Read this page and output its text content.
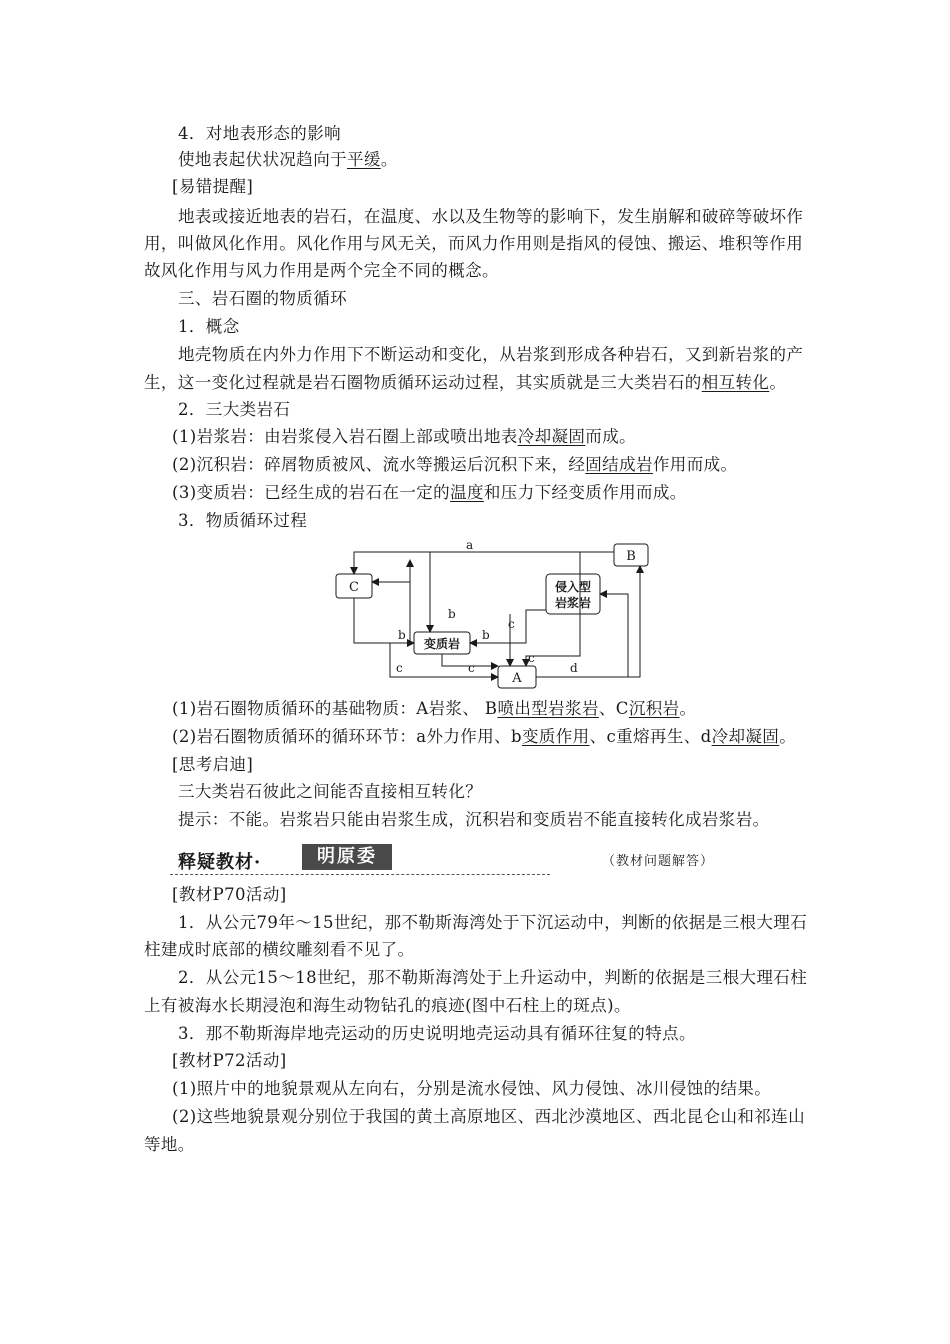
4．对地表形态的影响
使地表起伏状况趋向于平缓。
[易错提醒]
地表或接近地表的岩石，在温度、水以及生物等的影响下，发生崩解和破碎等破坏作
用，叫做风化作用。风化作用与风无关，而风力作用则是指风的侵蚀、搬运、堆积等作用
故风化作用与风力作用是两个完全不同的概念。
三、岩石圈的物质循环
1．概念
地壳物质在内外力作用下不断运动和变化，从岩浆到形成各种岩石，又到新岩浆的产
生，这一变化过程就是岩石圈物质循环运动过程，其实质就是三大类岩石的相互转化。
2．三大类岩石
(1)岩浆岩：由岩浆侵入岩石圈上部或喷出地表冷却凝固而成。
(2)沉积岩：碎屑物质被风、流水等搬运后沉积下来，经固结成岩作用而成。
(3)变质岩：已经生成的岩石在一定的温度和压力下经变质作用而成。
3．物质循环过程
B
C	侵入型
岩浆岩
变质岩
A
a
b
b	b
c
c
c	c	d
(1)岩石圈物质循环的基础物质：A岩浆、 B喷出型岩浆岩、C沉积岩。
(2)岩石圈物质循环的循环环节：a外力作用、b变质作用、c重熔再生、d冷却凝固。
[思考启迪]
三大类岩石彼此之间能否直接相互转化？
提示：不能。岩浆岩只能由岩浆生成，沉积岩和变质岩不能直接转化成岩浆岩。
释疑教材·	明原委	（教材问题解答）
[教材P70活动]
1．从公元79年～15世纪，那不勒斯海湾处于下沉运动中，判断的依据是三根大理石
柱建成时底部的横纹雕刻看不见了。
2．从公元15～18世纪，那不勒斯海湾处于上升运动中，判断的依据是三根大理石柱
上有被海水长期浸泡和海生动物钻孔的痕迹(图中石柱上的斑点)。
3．那不勒斯海岸地壳运动的历史说明地壳运动具有循环往复的特点。
[教材P72活动]
(1)照片中的地貌景观从左向右，分别是流水侵蚀、风力侵蚀、冰川侵蚀的结果。
(2)这些地貌景观分别位于我国的黄土高原地区、西北沙漠地区、西北昆仑山和祁连山
等地。
